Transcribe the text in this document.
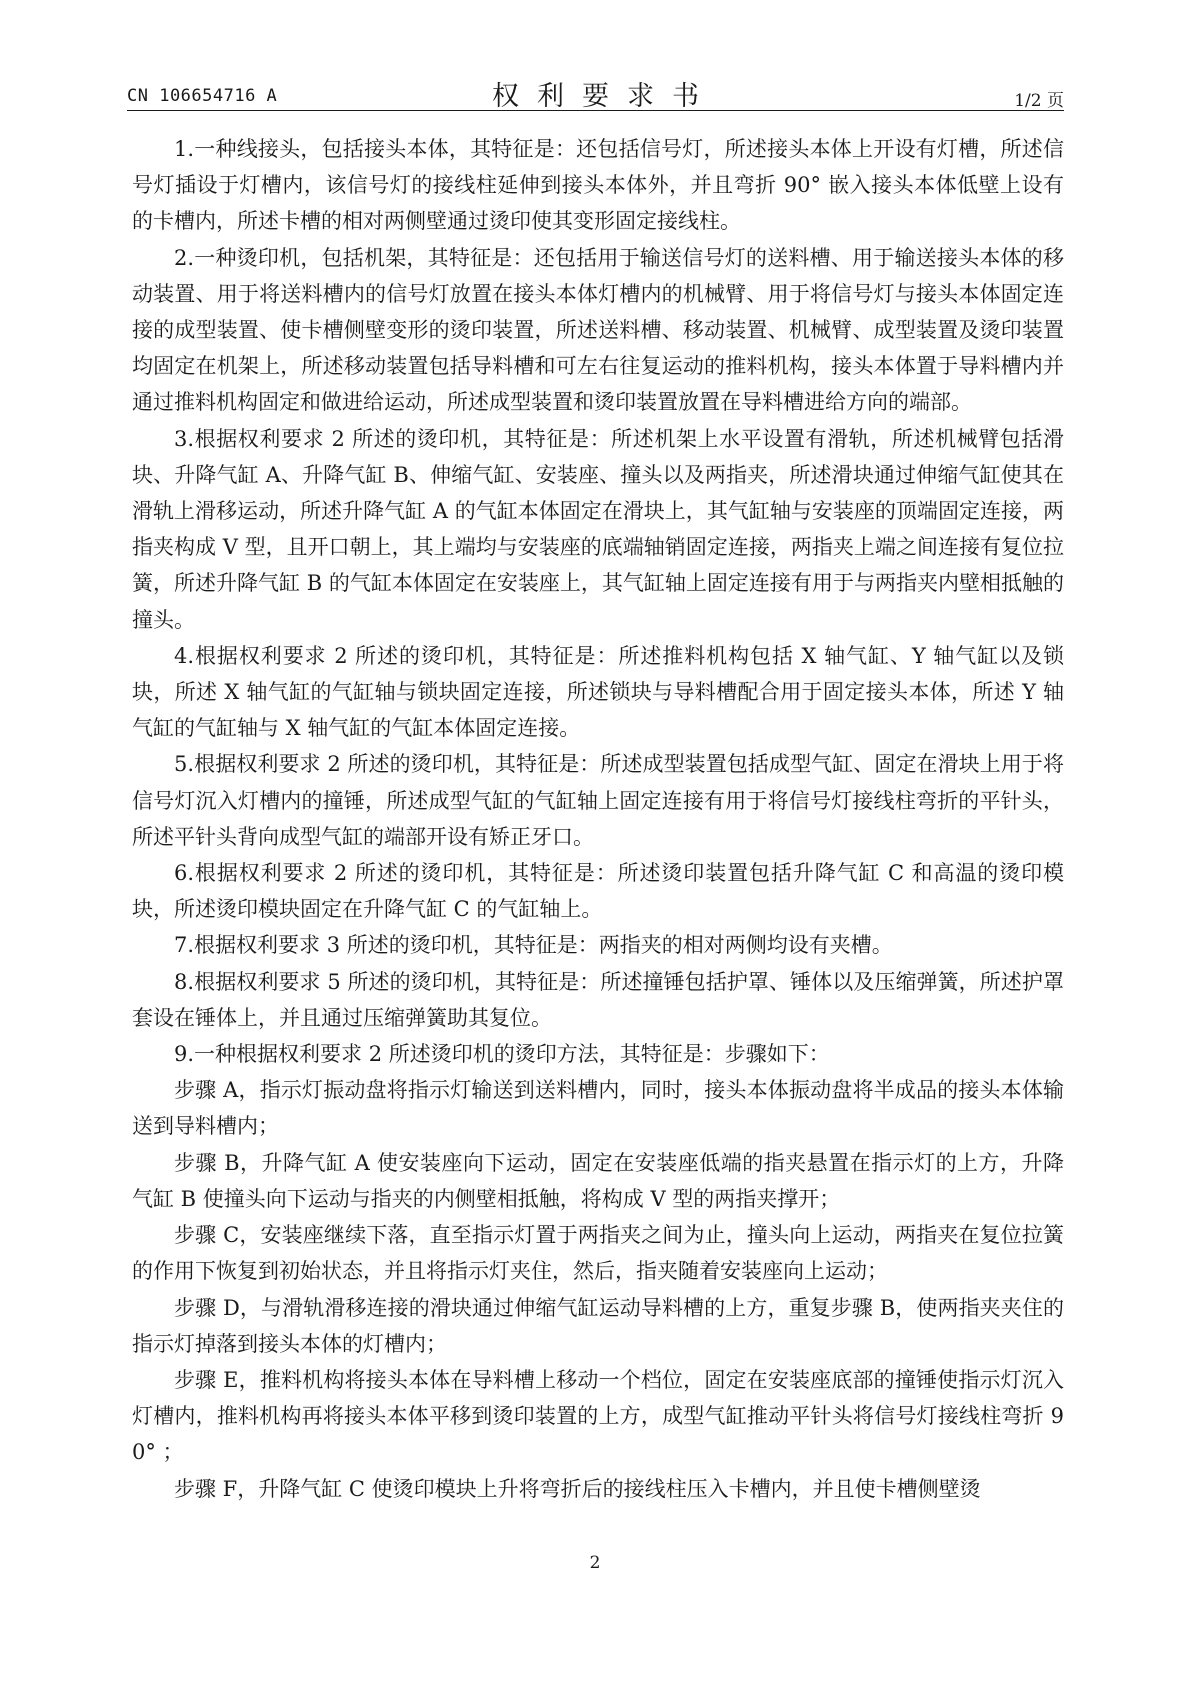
CN 106654716 A	权利要求书	1/2 页

1.一种线接头，包括接头本体，其特征是：还包括信号灯，所述接头本体上开设有灯槽，所述信号灯插设于灯槽内，该信号灯的接线柱延伸到接头本体外，并且弯折 90° 嵌入接头本体低壁上设有的卡槽内，所述卡槽的相对两侧壁通过烫印使其变形固定接线柱。

2.一种烫印机，包括机架，其特征是：还包括用于输送信号灯的送料槽、用于输送接头本体的移动装置、用于将送料槽内的信号灯放置在接头本体灯槽内的机械臂、用于将信号灯与接头本体固定连接的成型装置、使卡槽侧壁变形的烫印装置，所述送料槽、移动装置、机械臂、成型装置及烫印装置均固定在机架上，所述移动装置包括导料槽和可左右往复运动的推料机构，接头本体置于导料槽内并通过推料机构固定和做进给运动，所述成型装置和烫印装置放置在导料槽进给方向的端部。

3.根据权利要求 2 所述的烫印机，其特征是：所述机架上水平设置有滑轨，所述机械臂包括滑块、升降气缸 A、升降气缸 B、伸缩气缸、安装座、撞头以及两指夹，所述滑块通过伸缩气缸使其在滑轨上滑移运动，所述升降气缸 A 的气缸本体固定在滑块上，其气缸轴与安装座的顶端固定连接，两指夹构成 V 型，且开口朝上，其上端均与安装座的底端轴销固定连接，两指夹上端之间连接有复位拉簧，所述升降气缸 B 的气缸本体固定在安装座上，其气缸轴上固定连接有用于与两指夹内壁相抵触的撞头。

4.根据权利要求 2 所述的烫印机，其特征是：所述推料机构包括 X 轴气缸、Y 轴气缸以及锁块，所述 X 轴气缸的气缸轴与锁块固定连接，所述锁块与导料槽配合用于固定接头本体，所述 Y 轴气缸的气缸轴与 X 轴气缸的气缸本体固定连接。

5.根据权利要求 2 所述的烫印机，其特征是：所述成型装置包括成型气缸、固定在滑块上用于将信号灯沉入灯槽内的撞锤，所述成型气缸的气缸轴上固定连接有用于将信号灯接线柱弯折的平针头，所述平针头背向成型气缸的端部开设有矫正牙口。

6.根据权利要求 2 所述的烫印机，其特征是：所述烫印装置包括升降气缸 C 和高温的烫印模块，所述烫印模块固定在升降气缸 C 的气缸轴上。

7.根据权利要求 3 所述的烫印机，其特征是：两指夹的相对两侧均设有夹槽。

8.根据权利要求 5 所述的烫印机，其特征是：所述撞锤包括护罩、锤体以及压缩弹簧，所述护罩套设在锤体上，并且通过压缩弹簧助其复位。

9.一种根据权利要求 2 所述烫印机的烫印方法，其特征是：步骤如下：

步骤 A，指示灯振动盘将指示灯输送到送料槽内，同时，接头本体振动盘将半成品的接头本体输送到导料槽内；

步骤 B，升降气缸 A 使安装座向下运动，固定在安装座低端的指夹悬置在指示灯的上方，升降气缸 B 使撞头向下运动与指夹的内侧壁相抵触，将构成 V 型的两指夹撑开；

步骤 C，安装座继续下落，直至指示灯置于两指夹之间为止，撞头向上运动，两指夹在复位拉簧的作用下恢复到初始状态，并且将指示灯夹住，然后，指夹随着安装座向上运动；

步骤 D，与滑轨滑移连接的滑块通过伸缩气缸运动导料槽的上方，重复步骤 B，使两指夹夹住的指示灯掉落到接头本体的灯槽内；

步骤 E，推料机构将接头本体在导料槽上移动一个档位，固定在安装座底部的撞锤使指示灯沉入灯槽内，推料机构再将接头本体平移到烫印装置的上方，成型气缸推动平针头将信号灯接线柱弯折 90° ；

步骤 F，升降气缸 C 使烫印模块上升将弯折后的接线柱压入卡槽内，并且使卡槽侧壁烫

2
